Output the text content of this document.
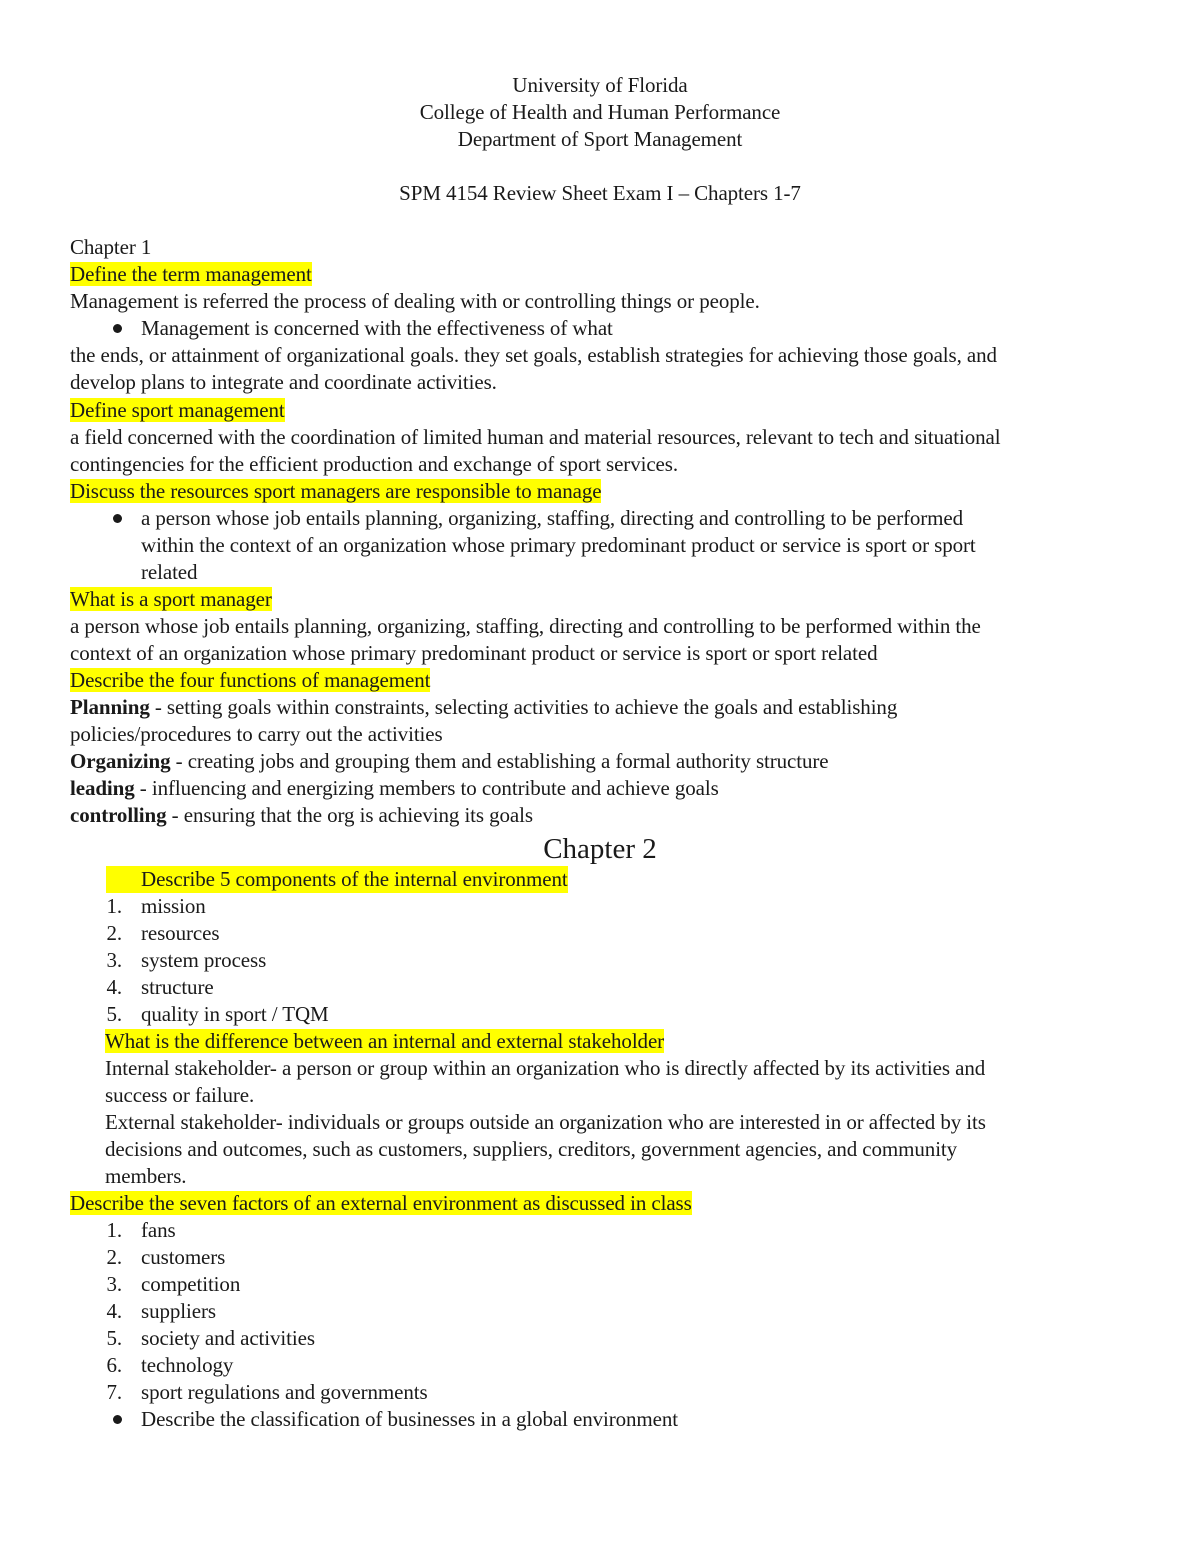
University of Florida
College of Health and Human Performance
Department of Sport Management
SPM 4154 Review Sheet Exam I – Chapters 1-7
Chapter 1
Define the term management
Management is referred the process of dealing with or controlling things or people.
Management is concerned with the effectiveness of what
the ends, or attainment of organizational goals. they set goals, establish strategies for achieving those goals, and
develop plans to integrate and coordinate activities.
Define sport management
a field concerned with the coordination of limited human and material resources, relevant to tech and situational
contingencies for the efficient production and exchange of sport services.
Discuss the resources sport managers are responsible to manage
a person whose job entails planning, organizing, staffing, directing and controlling to be performed
within the context of an organization whose primary predominant product or service is sport or sport
related
What is a sport manager
a person whose job entails planning, organizing, staffing, directing and controlling to be performed within the
context of an organization whose primary predominant product or service is sport or sport related
Describe the four functions of management
Planning - setting goals within constraints, selecting activities to achieve the goals and establishing
policies/procedures to carry out the activities
Organizing - creating jobs and grouping them and establishing a formal authority structure
leading - influencing and energizing members to contribute and achieve goals
controlling - ensuring that the org is achieving its goals
Chapter 2
Describe 5 components of the internal environment
1. mission
2. resources
3. system process
4. structure
5. quality in sport / TQM
What is the difference between an internal and external stakeholder
Internal stakeholder- a person or group within an organization who is directly affected by its activities and
success or failure.
External stakeholder- individuals or groups outside an organization who are interested in or affected by its
decisions and outcomes, such as customers, suppliers, creditors, government agencies, and community
members.
Describe the seven factors of an external environment as discussed in class
1. fans
2. customers
3. competition
4. suppliers
5. society and activities
6. technology
7. sport regulations and governments
Describe the classification of businesses in a global environment
